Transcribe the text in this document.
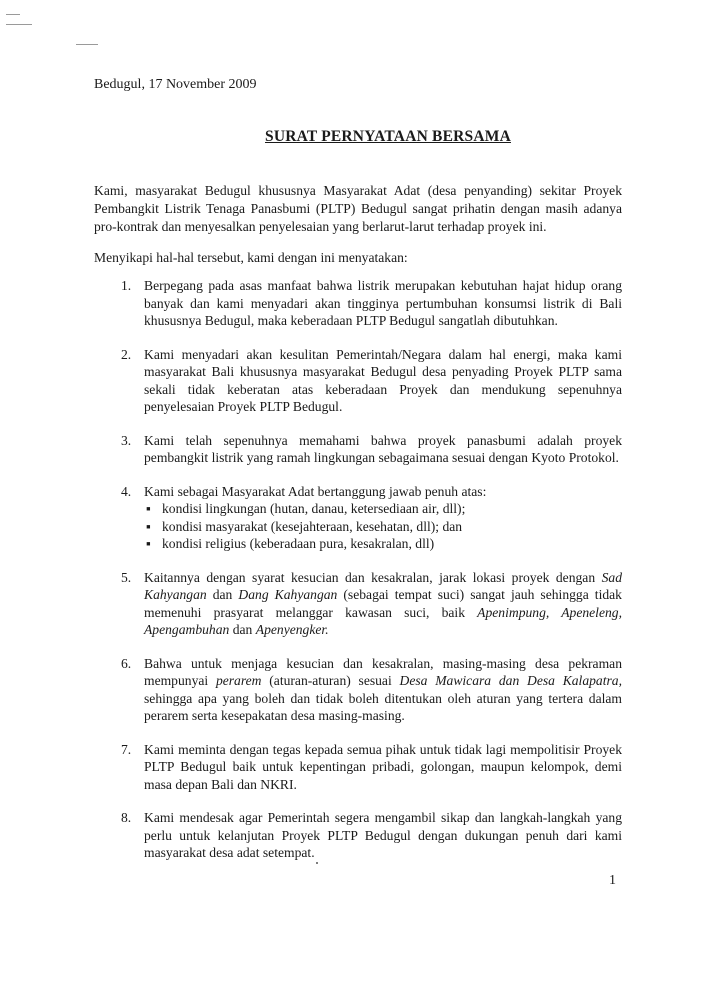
Bedugul, 17 November 2009

SURAT PERNYATAAN BERSAMA

Kami, masyarakat Bedugul khususnya Masyarakat Adat (desa penyanding) sekitar Proyek Pembangkit Listrik Tenaga Panasbumi (PLTP) Bedugul sangat prihatin dengan masih adanya pro-kontrak dan menyesalkan penyelesaian yang berlarut-larut terhadap proyek ini.

Menyikapi hal-hal tersebut, kami dengan ini menyatakan:

1 . Berpegang pada asas manfaat bahwa listrik merupakan kebutuhan hajat hidup orang banyak dan kami menyadari akan tingginya pertumbuhan konsumsi listrik di Bali khususnya Bedugul, maka keberadaan PLTP Bedugul sangatlah dibutuhkan.
2 . Kami menyadari akan kesulitan Pemerintah/Negara dalam hal energi, maka kami masyarakat Bali khususnya masyarakat Bedugul desa penyading Proyek PLTP sama sekali tidak keberatan atas keberadaan Proyek dan mendukung sepenuhnya penyelesaian Proyek PLTP Bedugul.
3 . Kami telah sepenuhnya memahami bahwa proyek panasbumi adalah proyek pembangkit listrik yang ramah lingkungan sebagaimana sesuai dengan Kyoto Protokol.
4 . Kami sebagai Masyarakat Adat bertanggung jawab penuh atas:
▪ kondisi lingkungan (hutan, danau, ketersediaan air, dll);
▪ kondisi masyarakat (kesejahteraan, kesehatan, dll); dan
▪ kondisi religius (keberadaan pura, kesakralan, dll)
5 . Kaitannya dengan syarat kesucian dan kesakralan, jarak lokasi proyek dengan Sad Kahyangan dan Dang Kahyangan (sebagai tempat suci) sangat jauh sehingga tidak memenuhi prasyarat melanggar kawasan suci, baik Apenimpung, Apeneleng, Apengambuhan dan Apenyengker.
6 . Bahwa untuk menjaga kesucian dan kesakralan, masing-masing desa pekraman mempunyai perarem (aturan-aturan) sesuai Desa Mawicara dan Desa Kalapatra, sehingga apa yang boleh dan tidak boleh ditentukan oleh aturan yang tertera dalam perarem serta kesepakatan desa masing-masing.
7 . Kami meminta dengan tegas kepada semua pihak untuk tidak lagi mempolitisir Proyek PLTP Bedugul baik untuk kepentingan pribadi, golongan, maupun kelompok, demi masa depan Bali dan NKRI.
8 . Kami mendesak agar Pemerintah segera mengambil sikap dan langkah-langkah yang perlu untuk kelanjutan Proyek PLTP Bedugul dengan dukungan penuh dari kami masyarakat desa adat setempat.
1
